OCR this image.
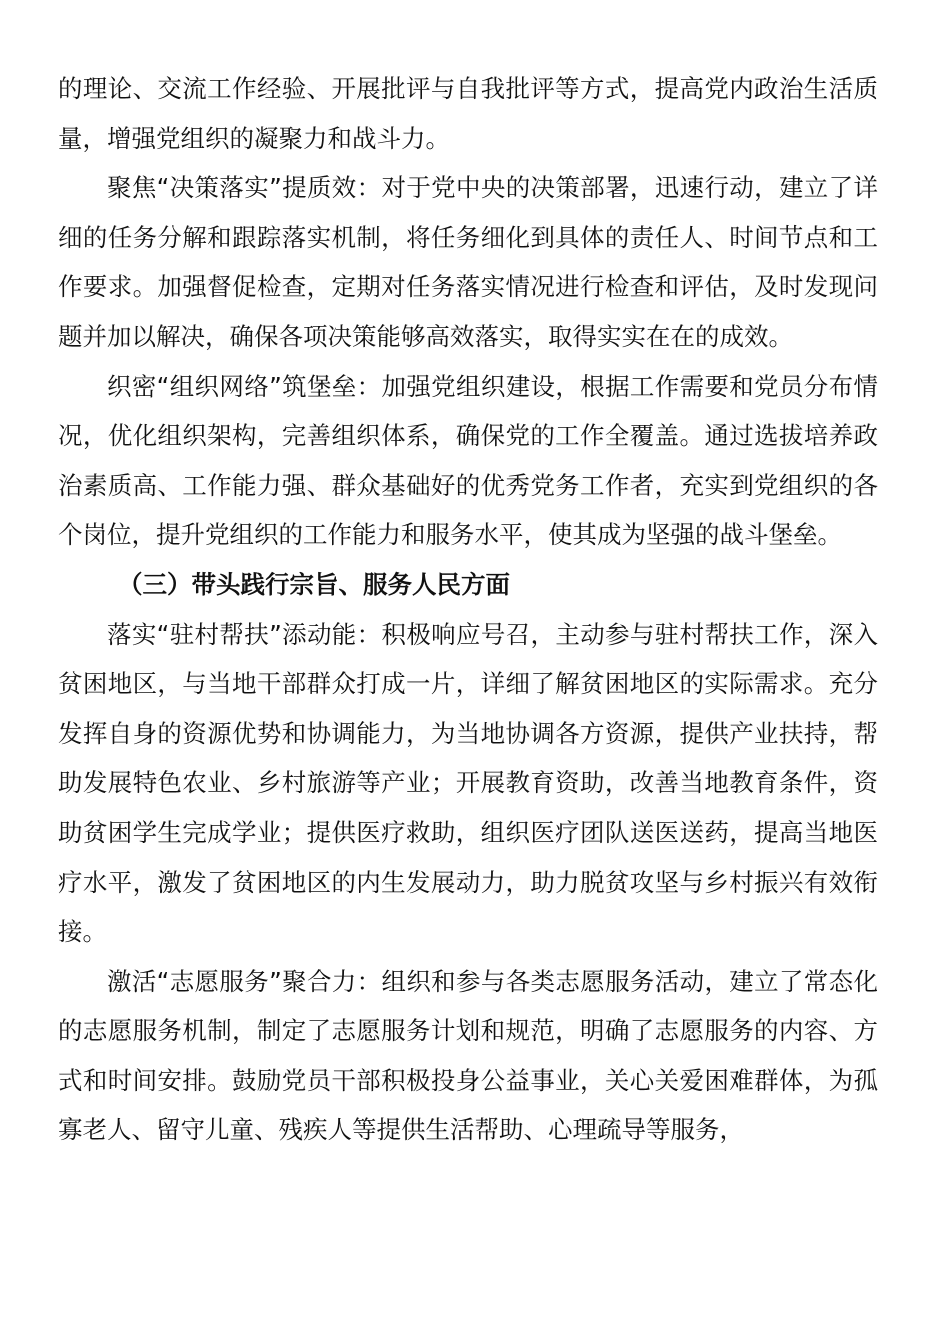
的理论、交流工作经验、开展批评与自我批评等方式，提高党内政治生活质量，增强党组织的凝聚力和战斗力。

聚焦“决策落实”提质效：对于党中央的决策部署，迅速行动，建立了详细的任务分解和跟踪落实机制，将任务细化到具体的责任人、时间节点和工作要求。加强督促检查，定期对任务落实情况进行检查和评估，及时发现问题并加以解决，确保各项决策能够高效落实，取得实实在在的成效。

织密“组织网络”筑堡垒：加强党组织建设，根据工作需要和党员分布情况，优化组织架构，完善组织体系，确保党的工作全覆盖。通过选拔培养政治素质高、工作能力强、群众基础好的优秀党务工作者，充实到党组织的各个岗位，提升党组织的工作能力和服务水平，使其成为坚强的战斗堡垒。

（三）带头践行宗旨、服务人民方面

落实“驻村帮扶”添动能：积极响应号召，主动参与驻村帮扶工作，深入贫困地区，与当地干部群众打成一片，详细了解贫困地区的实际需求。充分发挥自身的资源优势和协调能力，为当地协调各方资源，提供产业扶持，帮助发展特色农业、乡村旅游等产业；开展教育资助，改善当地教育条件，资助贫困学生完成学业；提供医疗救助，组织医疗团队送医送药，提高当地医疗水平，激发了贫困地区的内生发展动力，助力脱贫攻坚与乡村振兴有效衔接。

激活“志愿服务”聚合力：组织和参与各类志愿服务活动，建立了常态化的志愿服务机制，制定了志愿服务计划和规范，明确了志愿服务的内容、方式和时间安排。鼓励党员干部积极投身公益事业，关心关爱困难群体，为孤寡老人、留守儿童、残疾人等提供生活帮助、心理疏导等服务，
